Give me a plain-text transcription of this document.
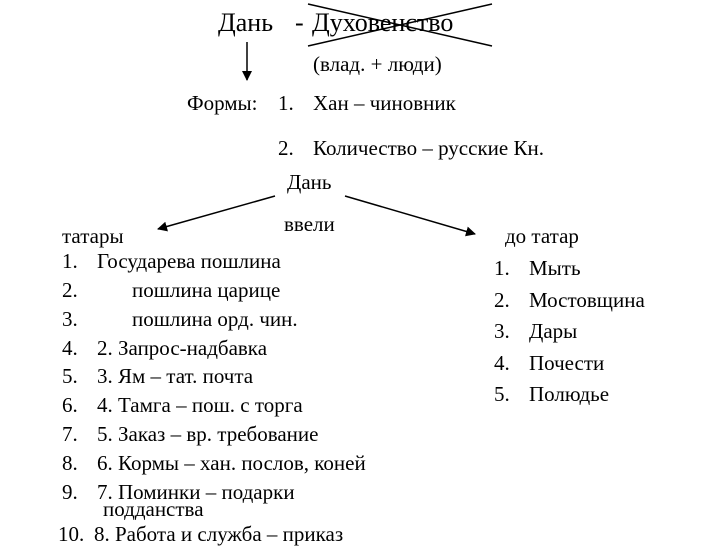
Дань - Духовенство
(влад. + люди)
Формы: 1. Хан – чиновник
2. Количество – русские Кн.
Дань
ввели
татары
1. Государева пошлина
2.	пошлина царице
3.	пошлина орд. чин.
4. 2. Запрос-надбавка
5. 3. Ям – тат. почта
6. 4. Тамга – пош. с торга
7. 5. Заказ – вр. требование
8. 6. Кормы – хан. послов, коней
9. 7. Поминки – подарки
подданства
10. 8. Работа и служба – приказ
до татар
1. Мыть
2. Мостовщина
3. Дары
4. Почести
5. Полюдье
